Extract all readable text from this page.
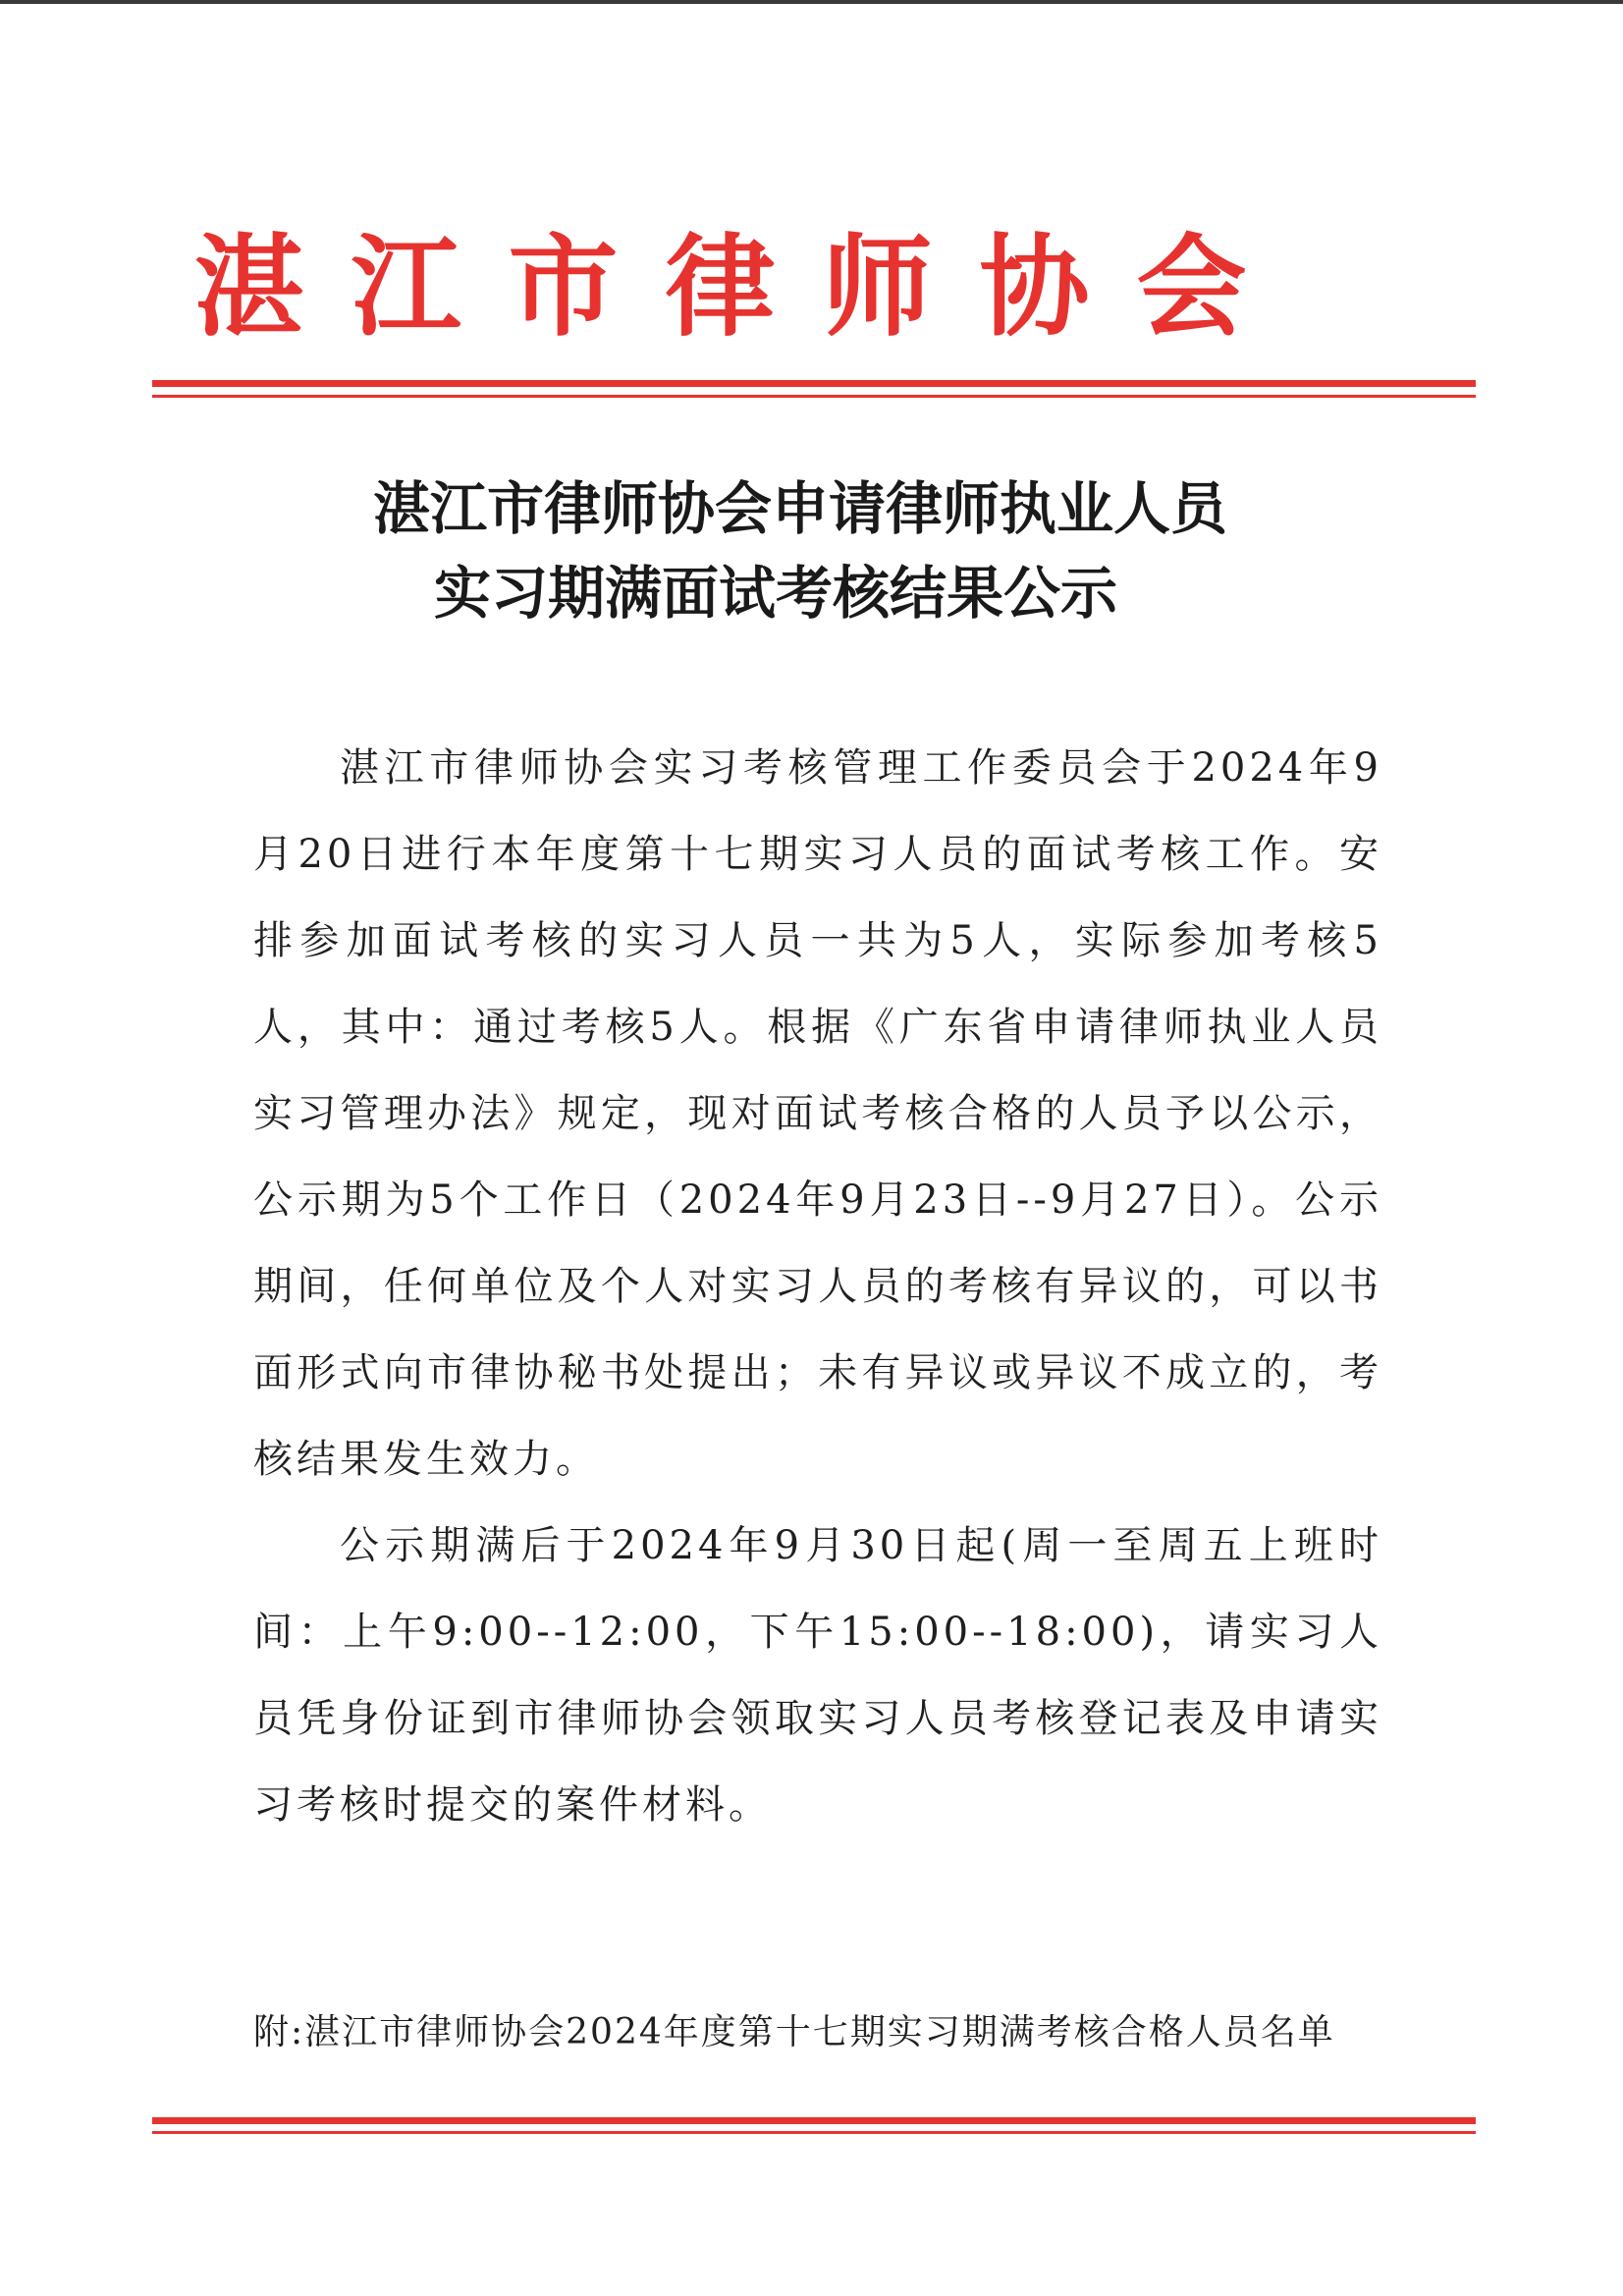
湛江市律师协会
湛江市律师协会申请律师执业人员
实习期满面试考核结果公示

湛江市律师协会实习考核管理工作委员会于2024年9月20日进行本年度第十七期实习人员的面试考核工作。安排参加面试考核的实习人员一共为5人，实际参加考核5人，其中：通过考核5人。根据《广东省申请律师执业人员实习管理办法》规定，现对面试考核合格的人员予以公示，公示期为5个工作日（2024年9月23日--9月27日）。公示期间，任何单位及个人对实习人员的考核有异议的，可以书面形式向市律协秘书处提出；未有异议或异议不成立的，考核结果发生效力。

公示期满后于2024年9月30日起(周一至周五上班时间：上午9:00--12:00，下午15:00--18:00)，请实习人员凭身份证到市律师协会领取实习人员考核登记表及申请实习考核时提交的案件材料。

附:湛江市律师协会2024年度第十七期实习期满考核合格人员名单
